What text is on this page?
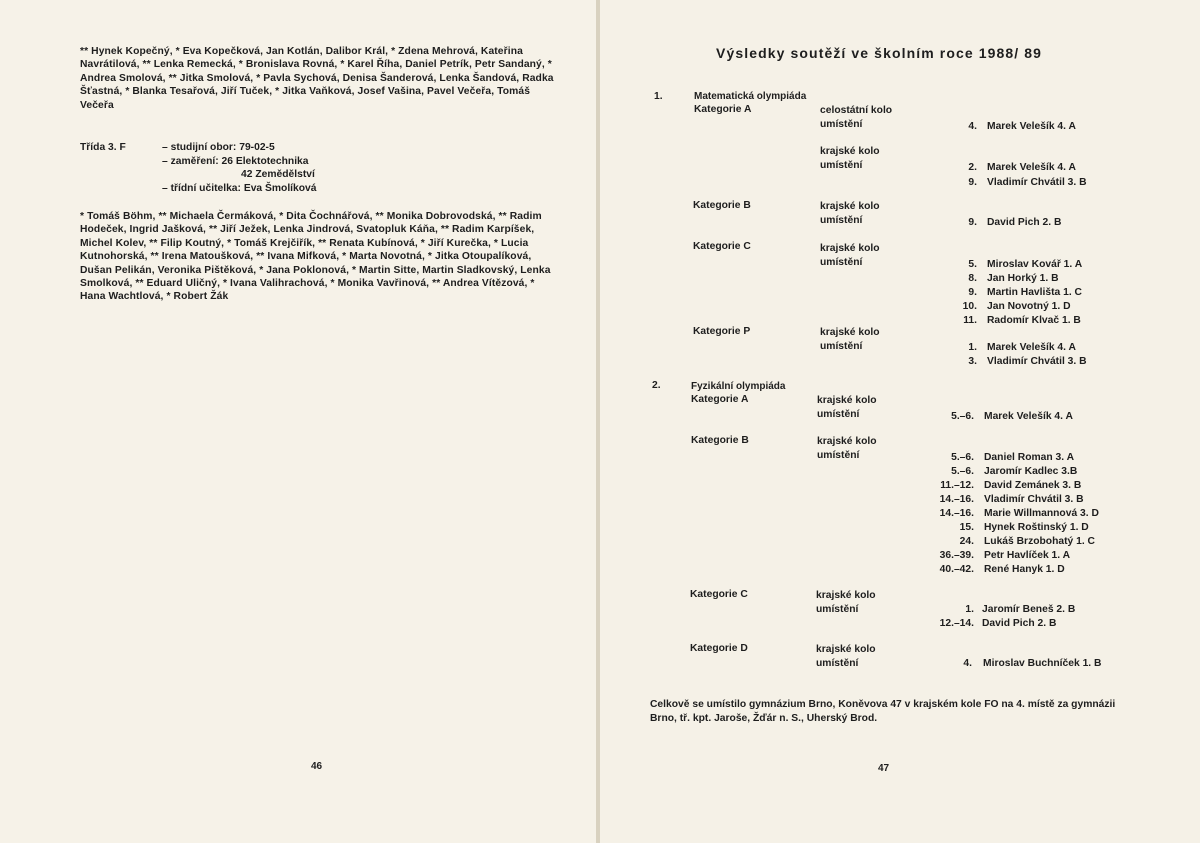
** Hynek Kopečný, * Eva Kopečková, Jan Kotlán, Dalibor Král, * Zdena Mehrová, Kateřina Navrátilová, ** Lenka Remecká, * Bronislava Rovná, * Karel Říha, Daniel Petrík, Petr Sandaný, * Andrea Smolová, ** Jitka Smolová, * Pavla Sychová, Denisa Šanderová, Lenka Šandová, Radka Šťastná, * Blanka Tesařová, Jiří Tuček, * Jitka Vaňková, Josef Vašina, Pavel Večeřa, Tomáš Večeřa
Třída 3. F	– studijní obor: 79-02-5
– zaměření: 26 Elektotechnika
42 Zemědělství
– třídní učitelka: Eva Šmolíková
* Tomáš Böhm, ** Michaela Čermáková, * Dita Čochnářová, ** Monika Dobrovodská, ** Radim Hodeček, Ingrid Jašková, ** Jiří Ježek, Lenka Jindrová, Svatopluk Káňa, ** Radim Karpíšek, Michel Kolev, ** Filip Koutný, * Tomáš Krejčiřík, ** Renata Kubínová, * Jiří Kurečka, * Lucia Kutnohorská, ** Irena Matoušková, ** Ivana Mifková, * Marta Novotná, * Jitka Otoupalíková, Dušan Pelikán, Veronika Pištěková, * Jana Poklonová, * Martin Sitte, Martin Sladkovský, Lenka Smolková, ** Eduard Uličný, * Ivana Valihrachová, * Monika Vavřinová, ** Andrea Vítězová, * Hana Wachtlová, * Robert Žák
46
Výsledky soutěží ve školním roce 1988/ 89
1.	Matematická olympiáda
Kategorie A	celostátní kolo
umístění	4. Marek Velešík 4. A
krajské kolo
umístění	2. Marek Velešík 4. A
9. Vladimír Chvátil 3. B
Kategorie B	krajské kolo
umístění	9. David Pich 2. B
Kategorie C	krajské kolo
umístění	5. Miroslav Kovář 1. A
8. Jan Horký 1. B
9. Martin Havlišta 1. C
10. Jan Novotný 1. D
11. Radomír Klvač 1. B
Kategorie P	krajské kolo
umístění	1. Marek Velešík 4. A
3. Vladimír Chvátil 3. B
2.	Fyzikální olympiáda
Kategorie A	krajské kolo
umístění	5.–6. Marek Velešík 4. A
Kategorie B	krajské kolo
umístění	5.–6. Daniel Roman 3. A
5.–6. Jaromír Kadlec 3.B
11.–12. David Zemánek 3. B
14.–16. Vladimír Chvátil 3. B
14.–16. Marie Willmannová 3. D
15. Hynek Roštinský 1. D
24. Lukáš Brzobohatý 1. C
36.–39. Petr Havlíček 1. A
40.–42. René Hanyk 1. D
Kategorie C	krajské kolo
umístění	1. Jaromír Beneš 2. B
12.–14. David Pich 2. B
Kategorie D	krajské kolo
umístění	4. Miroslav Buchníček 1. B
Celkově se umístilo gymnázium Brno, Koněvova 47 v krajském kole FO na 4. místě za gymnázii Brno, tř. kpt. Jaroše, Žďár n. S., Uherský Brod.
47
